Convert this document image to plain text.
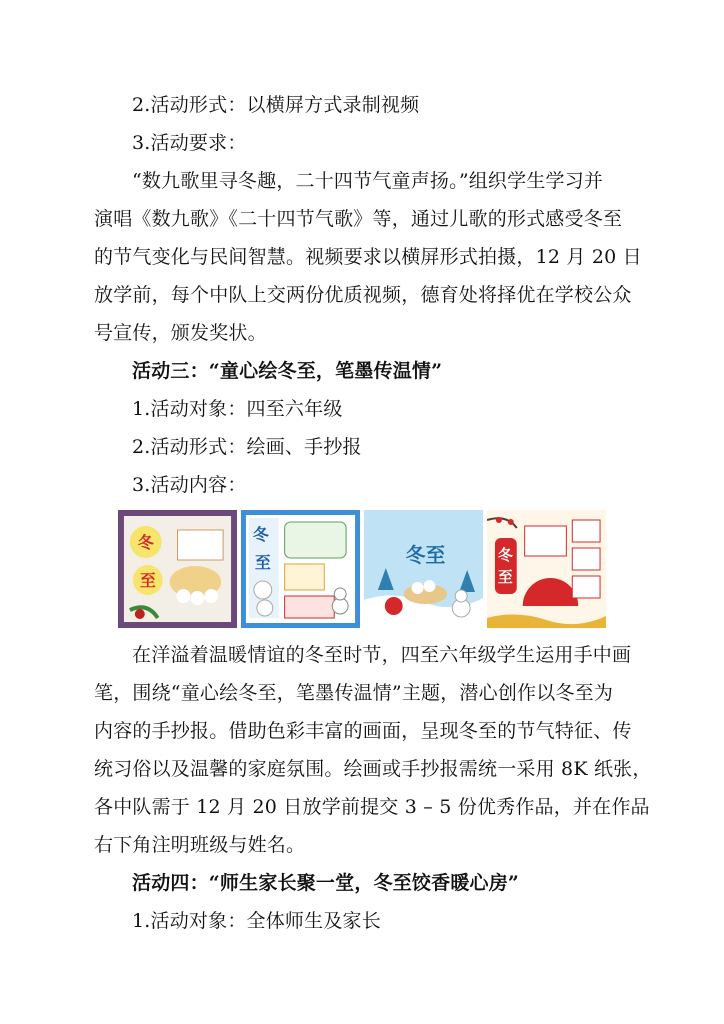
2.活动形式：以横屏方式录制视频
3.活动要求：
“数九歌里寻冬趣，二十四节气童声扬。”组织学生学习并
演唱《数九歌》《二十四节气歌》等，通过儿歌的形式感受冬至
的节气变化与民间智慧。视频要求以横屏形式拍摄，12 月 20 日
放学前，每个中队上交两份优质视频，德育处将择优在学校公众
号宣传，颁发奖状。
活动三：“童心绘冬至，笔墨传温情”
1.活动对象：四至六年级
2.活动形式：绘画、手抄报
3.活动内容：
冬
至
冬
至	冬至	冬
至
在洋溢着温暖情谊的冬至时节，四至六年级学生运用手中画
笔，围绕“童心绘冬至，笔墨传温情”主题，潜心创作以冬至为
内容的手抄报。借助色彩丰富的画面，呈现冬至的节气特征、传
统习俗以及温馨的家庭氛围。绘画或手抄报需统一采用 8K 纸张，
各中队需于 12 月 20 日放学前提交 3 – 5 份优秀作品，并在作品
右下角注明班级与姓名。
活动四：“师生家长聚一堂，冬至饺香暖心房”
1.活动对象：全体师生及家长
